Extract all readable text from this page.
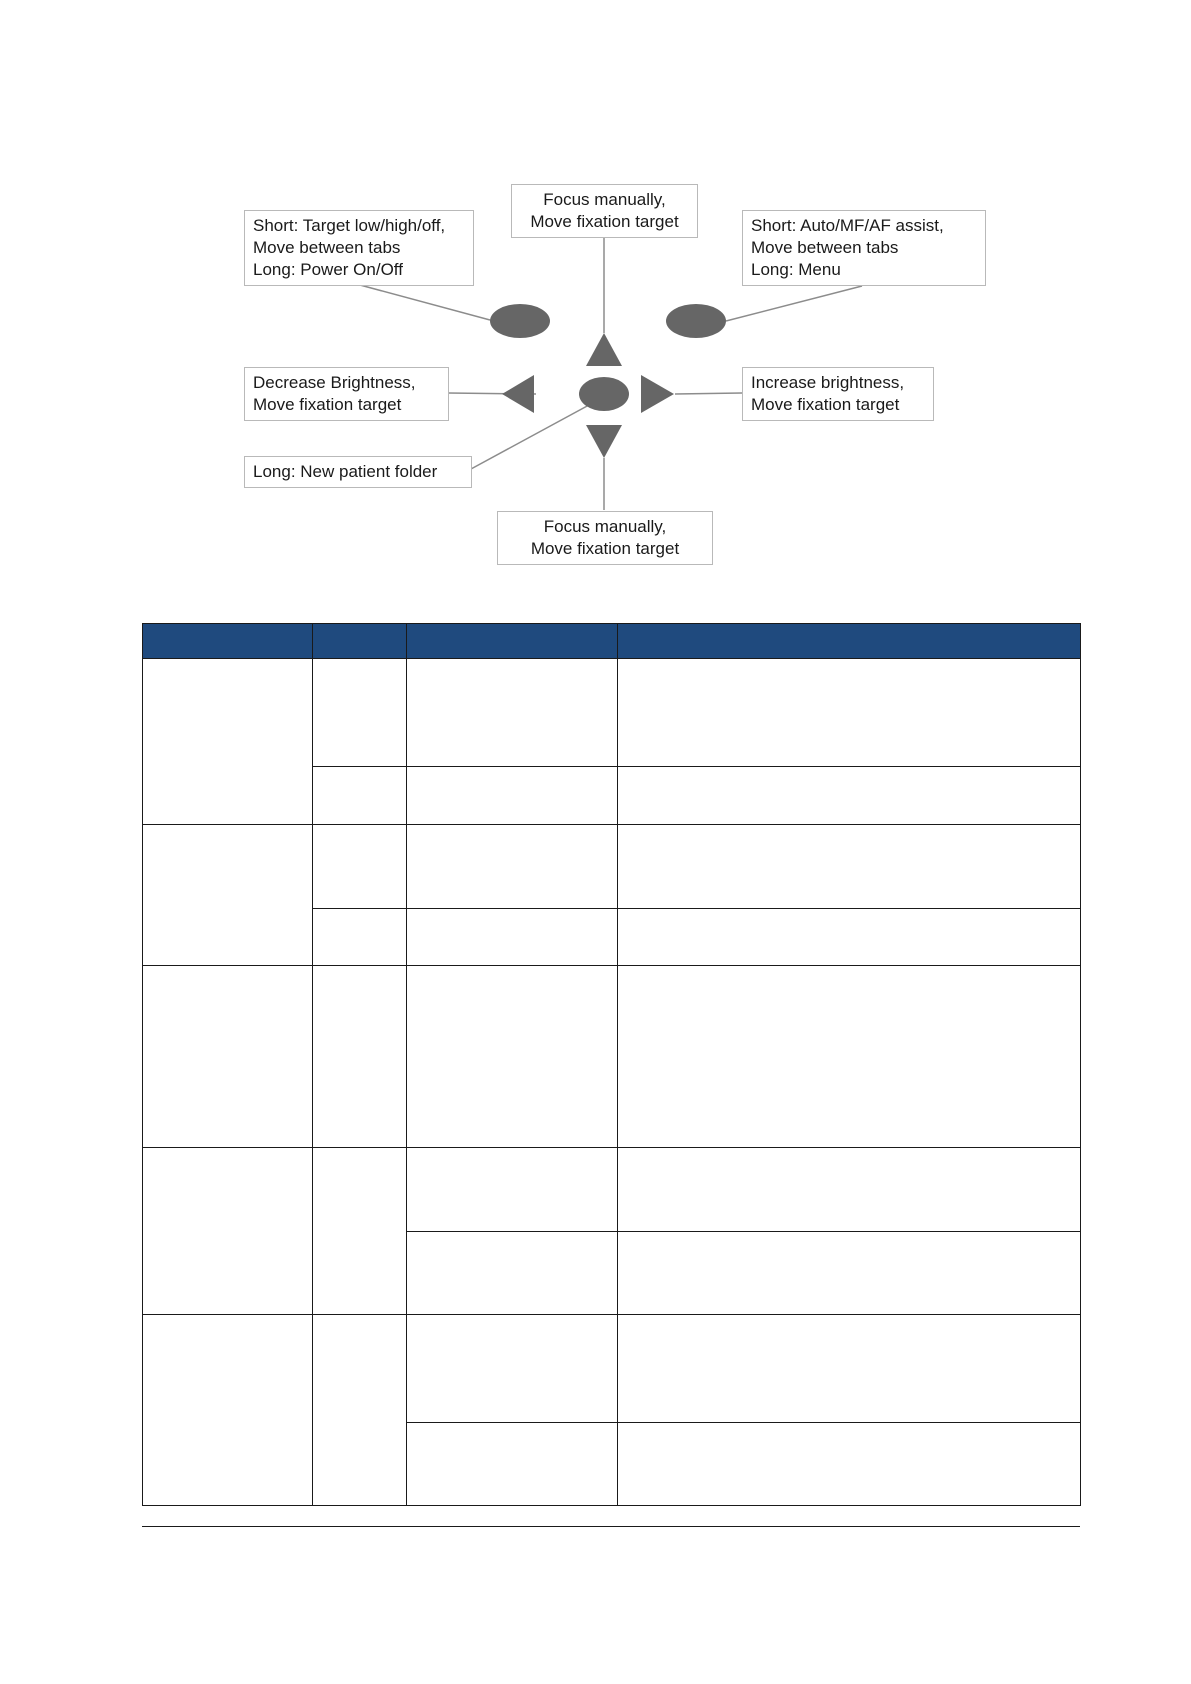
Focus manually,
Move fixation target
Short: Target low/high/off,
Move between tabs
Long: Power On/Off
Short: Auto/MF/AF assist,
Move between tabs
Long: Menu
Decrease Brightness,
Move fixation target
Increase brightness,
Move fixation target
Long: New patient folder
Focus manually,
Move fixation target
